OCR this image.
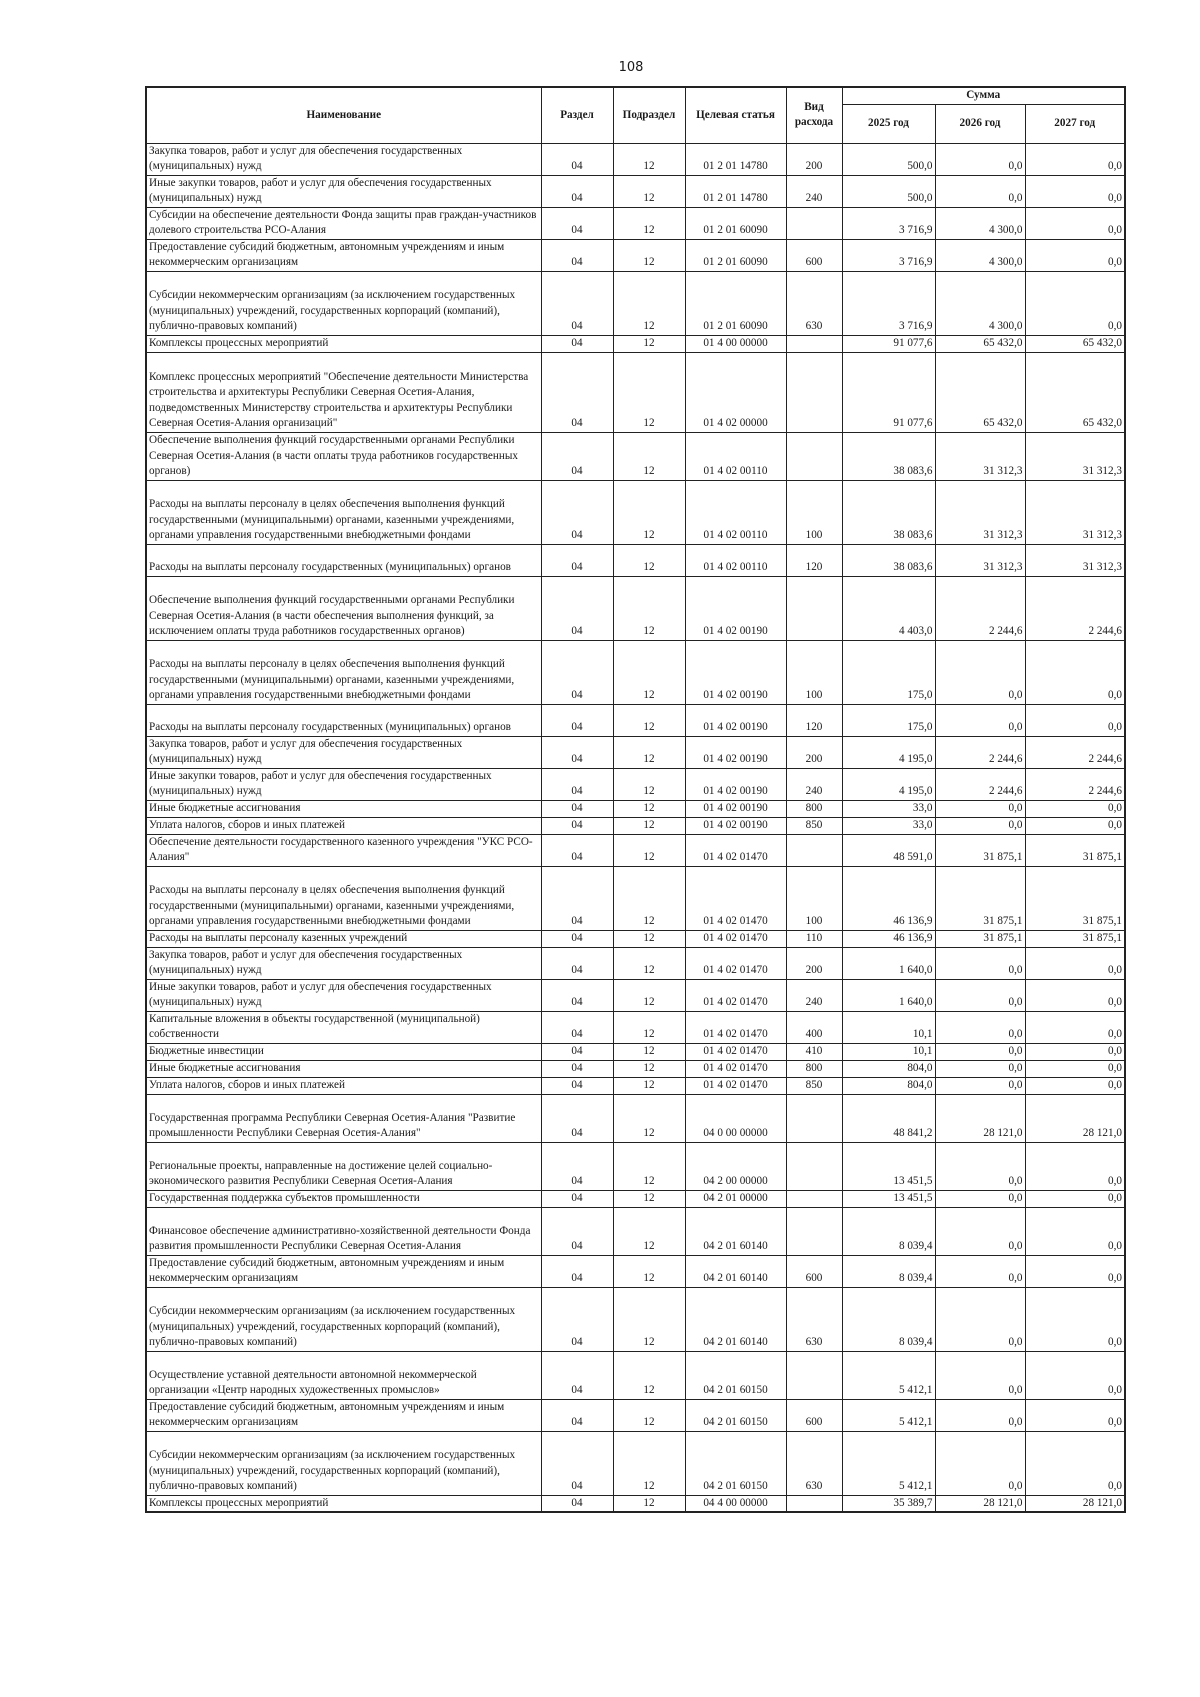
108
Наименование	Раздел	Подраздел	Целевая статья	Вид расхода	Сумма		
					2025 год	2026 год	2027 год
Закупка товаров, работ и услуг для обеспечения государственных (муниципальных) нужд	04	12	01 2 01 14780	200	500,0	0,0	0,0
Иные закупки товаров, работ и услуг для обеспечения государственных (муниципальных) нужд	04	12	01 2 01 14780	240	500,0	0,0	0,0
Субсидии на обеспечение деятельности Фонда защиты прав граждан-участников долевого строительства РСО-Алания	04	12	01 2 01 60090		3 716,9	4 300,0	0,0
Предоставление субсидий бюджетным, автономным учреждениям и иным некоммерческим организациям	04	12	01 2 01 60090	600	3 716,9	4 300,0	0,0
Субсидии некоммерческим организациям (за исключением государственных (муниципальных) учреждений, государственных корпораций (компаний), публично-правовых компаний)	04	12	01 2 01 60090	630	3 716,9	4 300,0	0,0
Комплексы процессных мероприятий	04	12	01 4 00 00000		91 077,6	65 432,0	65 432,0
Комплекс процессных мероприятий "Обеспечение деятельности Министерства строительства и архитектуры Республики Северная Осетия-Алания, подведомственных Министерству строительства и архитектуры Республики Северная Осетия-Алания организаций"	04	12	01 4 02 00000		91 077,6	65 432,0	65 432,0
Обеспечение выполнения функций государственными органами Республики Северная Осетия-Алания (в части оплаты труда работников государственных органов)	04	12	01 4 02 00110		38 083,6	31 312,3	31 312,3
Расходы на выплаты персоналу в целях обеспечения выполнения функций государственными (муниципальными) органами, казенными учреждениями, органами управления государственными внебюджетными фондами	04	12	01 4 02 00110	100	38 083,6	31 312,3	31 312,3
Расходы на выплаты персоналу государственных (муниципальных) органов	04	12	01 4 02 00110	120	38 083,6	31 312,3	31 312,3
Обеспечение выполнения функций государственными органами Республики Северная Осетия-Алания (в части обеспечения выполнения функций, за исключением оплаты труда работников государственных органов)	04	12	01 4 02 00190		4 403,0	2 244,6	2 244,6
Расходы на выплаты персоналу в целях обеспечения выполнения функций государственными (муниципальными) органами, казенными учреждениями, органами управления государственными внебюджетными фондами	04	12	01 4 02 00190	100	175,0	0,0	0,0
Расходы на выплаты персоналу государственных (муниципальных) органов	04	12	01 4 02 00190	120	175,0	0,0	0,0
Закупка товаров, работ и услуг для обеспечения государственных (муниципальных) нужд	04	12	01 4 02 00190	200	4 195,0	2 244,6	2 244,6
Иные закупки товаров, работ и услуг для обеспечения государственных (муниципальных) нужд	04	12	01 4 02 00190	240	4 195,0	2 244,6	2 244,6
Иные бюджетные ассигнования	04	12	01 4 02 00190	800	33,0	0,0	0,0
Уплата налогов, сборов и иных платежей	04	12	01 4 02 00190	850	33,0	0,0	0,0
Обеспечение деятельности государственного казенного учреждения "УКС РСО-Алания"	04	12	01 4 02 01470		48 591,0	31 875,1	31 875,1
Расходы на выплаты персоналу в целях обеспечения выполнения функций государственными (муниципальными) органами, казенными учреждениями, органами управления государственными внебюджетными фондами	04	12	01 4 02 01470	100	46 136,9	31 875,1	31 875,1
Расходы на выплаты персоналу казенных учреждений	04	12	01 4 02 01470	110	46 136,9	31 875,1	31 875,1
Закупка товаров, работ и услуг для обеспечения государственных (муниципальных) нужд	04	12	01 4 02 01470	200	1 640,0	0,0	0,0
Иные закупки товаров, работ и услуг для обеспечения государственных (муниципальных) нужд	04	12	01 4 02 01470	240	1 640,0	0,0	0,0
Капитальные вложения в объекты государственной (муниципальной) собственности	04	12	01 4 02 01470	400	10,1	0,0	0,0
Бюджетные инвестиции	04	12	01 4 02 01470	410	10,1	0,0	0,0
Иные бюджетные ассигнования	04	12	01 4 02 01470	800	804,0	0,0	0,0
Уплата налогов, сборов и иных платежей	04	12	01 4 02 01470	850	804,0	0,0	0,0
Государственная программа Республики Северная Осетия-Алания "Развитие промышленности Республики Северная Осетия-Алания"	04	12	04 0 00 00000		48 841,2	28 121,0	28 121,0
Региональные проекты, направленные на достижение целей социально-экономического развития Республики Северная Осетия-Алания	04	12	04 2 00 00000		13 451,5	0,0	0,0
Государственная поддержка субъектов промышленности	04	12	04 2 01 00000		13 451,5	0,0	0,0
Финансовое обеспечение административно-хозяйственной деятельности Фонда развития промышленности Республики Северная Осетия-Алания	04	12	04 2 01 60140		8 039,4	0,0	0,0
Предоставление субсидий бюджетным, автономным учреждениям и иным некоммерческим организациям	04	12	04 2 01 60140	600	8 039,4	0,0	0,0
Субсидии некоммерческим организациям (за исключением государственных (муниципальных) учреждений, государственных корпораций (компаний), публично-правовых компаний)	04	12	04 2 01 60140	630	8 039,4	0,0	0,0
Осуществление уставной деятельности автономной некоммерческой организации «Центр народных художественных промыслов»	04	12	04 2 01 60150		5 412,1	0,0	0,0
Предоставление субсидий бюджетным, автономным учреждениям и иным некоммерческим организациям	04	12	04 2 01 60150	600	5 412,1	0,0	0,0
Субсидии некоммерческим организациям (за исключением государственных (муниципальных) учреждений, государственных корпораций (компаний), публично-правовых компаний)	04	12	04 2 01 60150	630	5 412,1	0,0	0,0
Комплексы процессных мероприятий	04	12	04 4 00 00000		35 389,7	28 121,0	28 121,0
